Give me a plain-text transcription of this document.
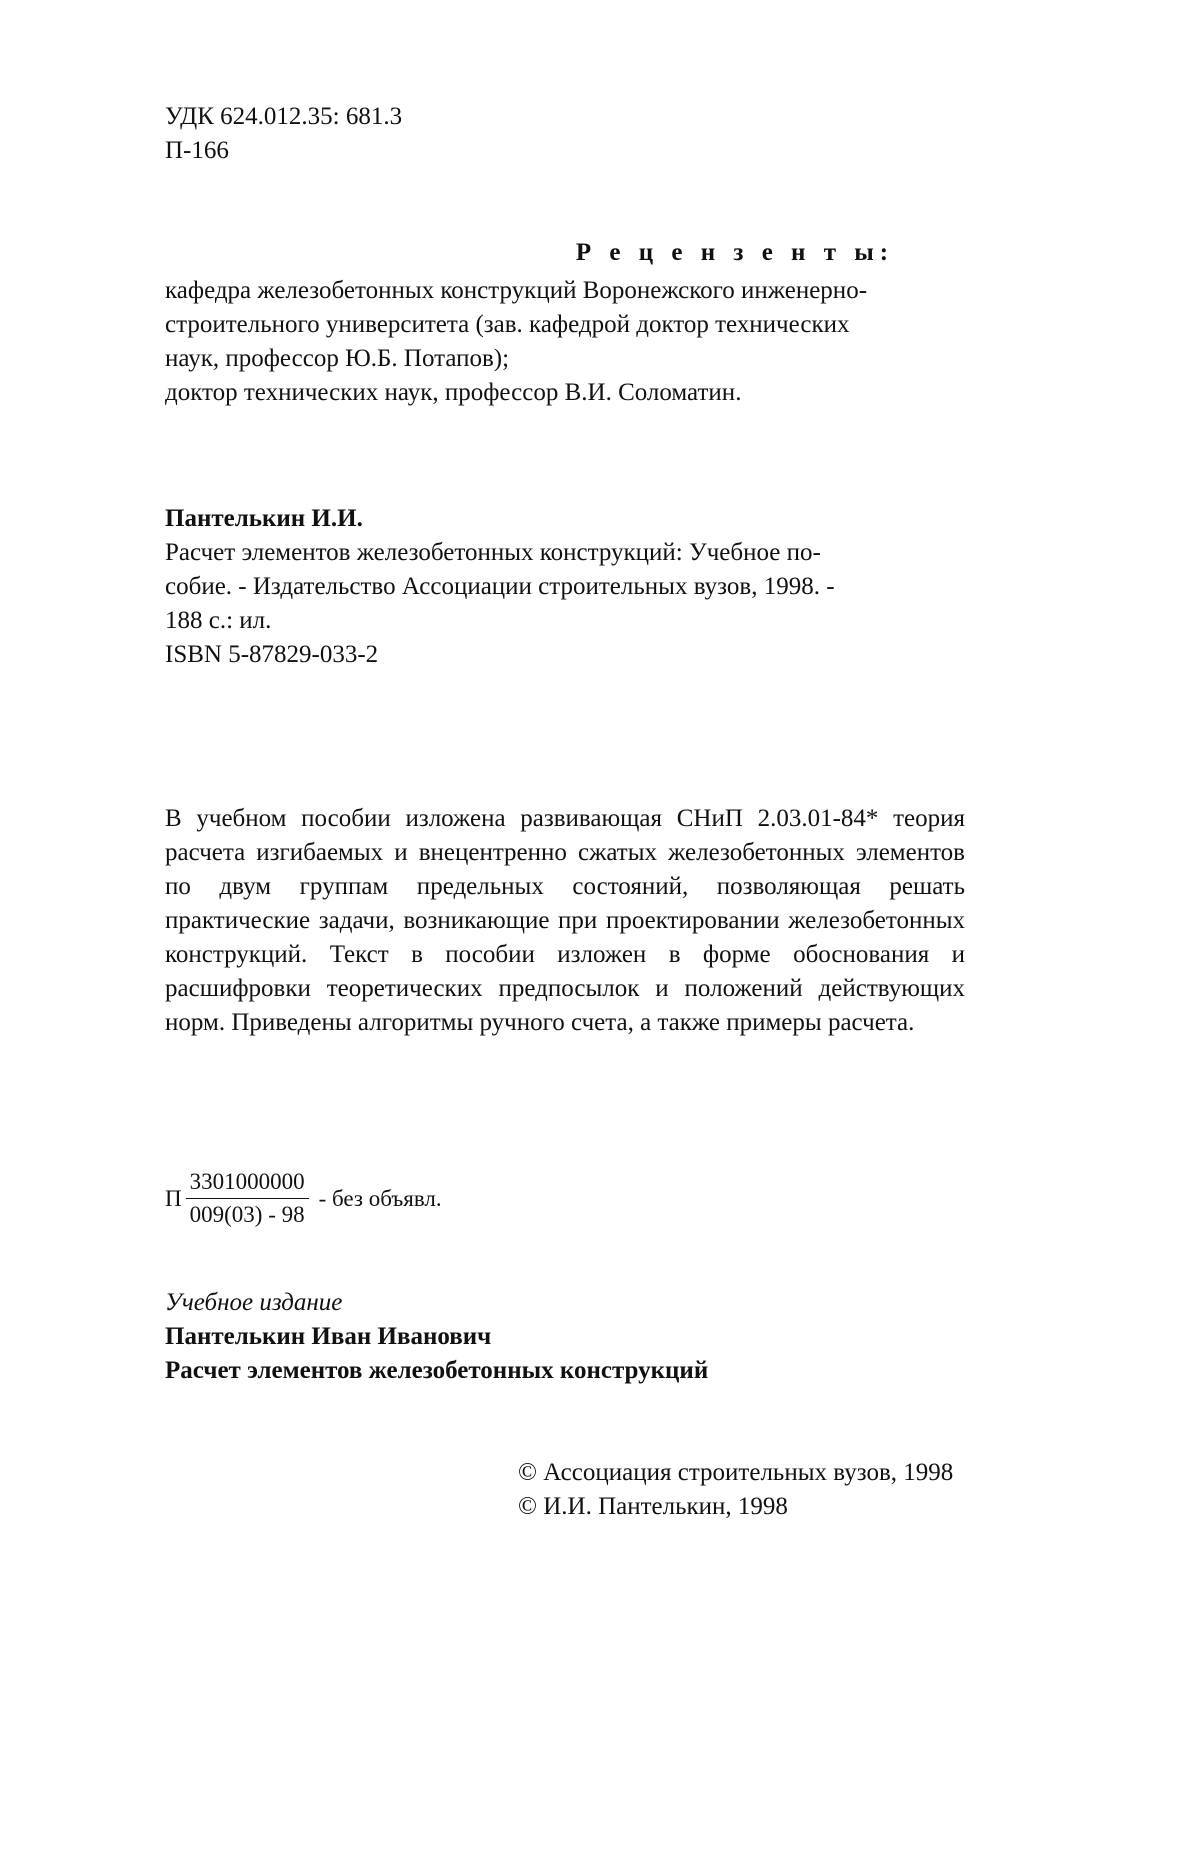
УДК 624.012.35: 681.3
П-166
Р е ц е н з е н т ы:

кафедра железобетонных конструкций Воронежского инженерно-

строительного университета (зав. кафедрой доктор технических

наук, профессор Ю.Б. Потапов);

доктор технических наук, профессор В.И. Соломатин.

Пантелькин И.И.

Расчет элементов железобетонных конструкций: Учебное по-

собие. - Издательство Ассоциации строительных вузов, 1998. -

188 с.: ил.

ISBN 5-87829-033-2

В учебном пособии изложена развивающая СНиП 2.03.01-84* теория расчета изгибаемых и внецентренно сжатых железобетонных элементов по двум группам предельных состояний, позволяющая решать практические задачи, возникающие при проектировании железобетонных конструкций. Текст в пособии изложен в форме обоснования и расшифровки теоретических предпосылок и положений действующих норм. Приведены алгоритмы ручного счета, а также примеры расчета.

П $\frac{3301000000}{009(03) - 98}$ - без объявл.

Учебное издание

Пантелькин Иван Иванович

Расчет элементов железобетонных конструкций

© Ассоциация строительных вузов, 1998

© И.И. Пантелькин, 1998
